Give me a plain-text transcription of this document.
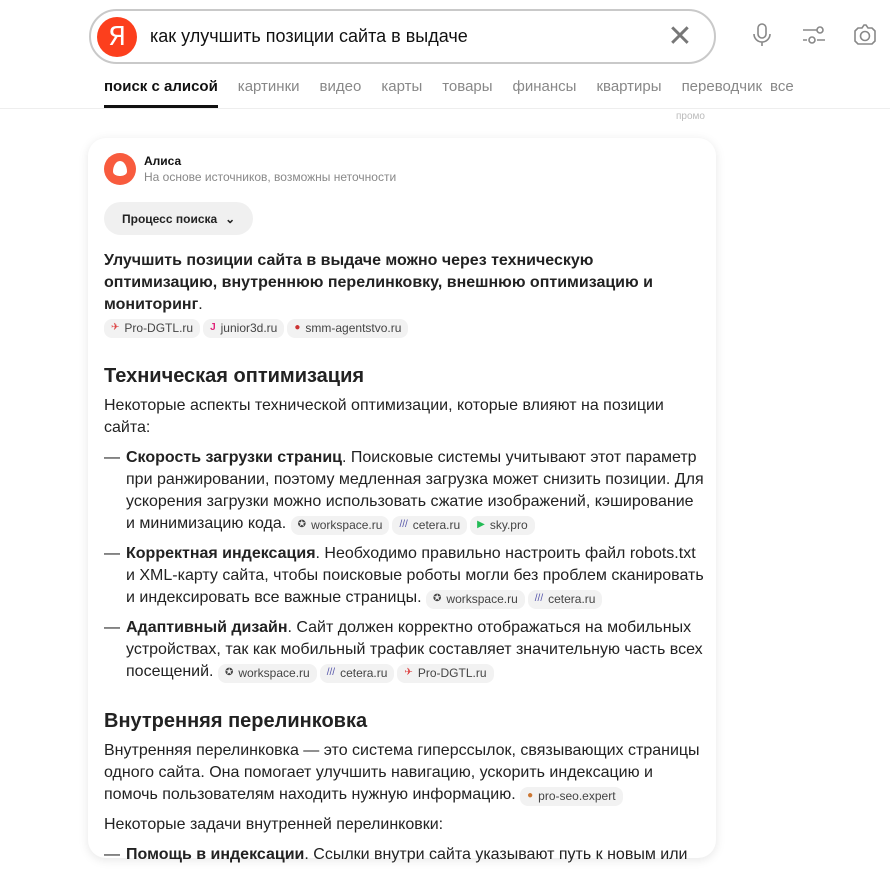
Я	как улучшить позиции сайта в выдаче	✕
поиск с алисой картинки видео карты товары финансы квартиры переводчик все
промо
Алиса
На основе источников, возможны неточности
Процесс поиска ⌄

Улучшить позиции сайта в выдаче можно через техническую оптимизацию, внутреннюю перелинковку, внешнюю оптимизацию и мониторинг.

✈ Pro-DGTL.ru J junior3d.ru ● smm-agentstvo.ru

Техническая оптимизация

Некоторые аспекты технической оптимизации, которые влияют на позиции сайта:

— Скорость загрузки страниц. Поисковые системы учитывают этот параметр при ранжировании, поэтому медленная загрузка может снизить позиции. Для ускорения загрузки можно использовать сжатие изображений, кэширование и минимизацию кода. ✪ workspace.ru /// cetera.ru ▶ sky.pro
— Корректная индексация. Необходимо правильно настроить файл robots.txt и XML-карту сайта, чтобы поисковые роботы могли без проблем сканировать и индексировать все важные страницы. ✪ workspace.ru /// cetera.ru
— Адаптивный дизайн. Сайт должен корректно отображаться на мобильных устройствах, так как мобильный трафик составляет значительную часть всех посещений. ✪ workspace.ru /// cetera.ru ✈ Pro-DGTL.ru
Внутренняя перелинковка

Внутренняя перелинковка — это система гиперссылок, связывающих страницы одного сайта. Она помогает улучшить навигацию, ускорить индексацию и помочь пользователям находить нужную информацию. ● pro-seo.expert

Некоторые задачи внутренней перелинковки:

— Помощь в индексации. Ссылки внутри сайта указывают путь к новым или
